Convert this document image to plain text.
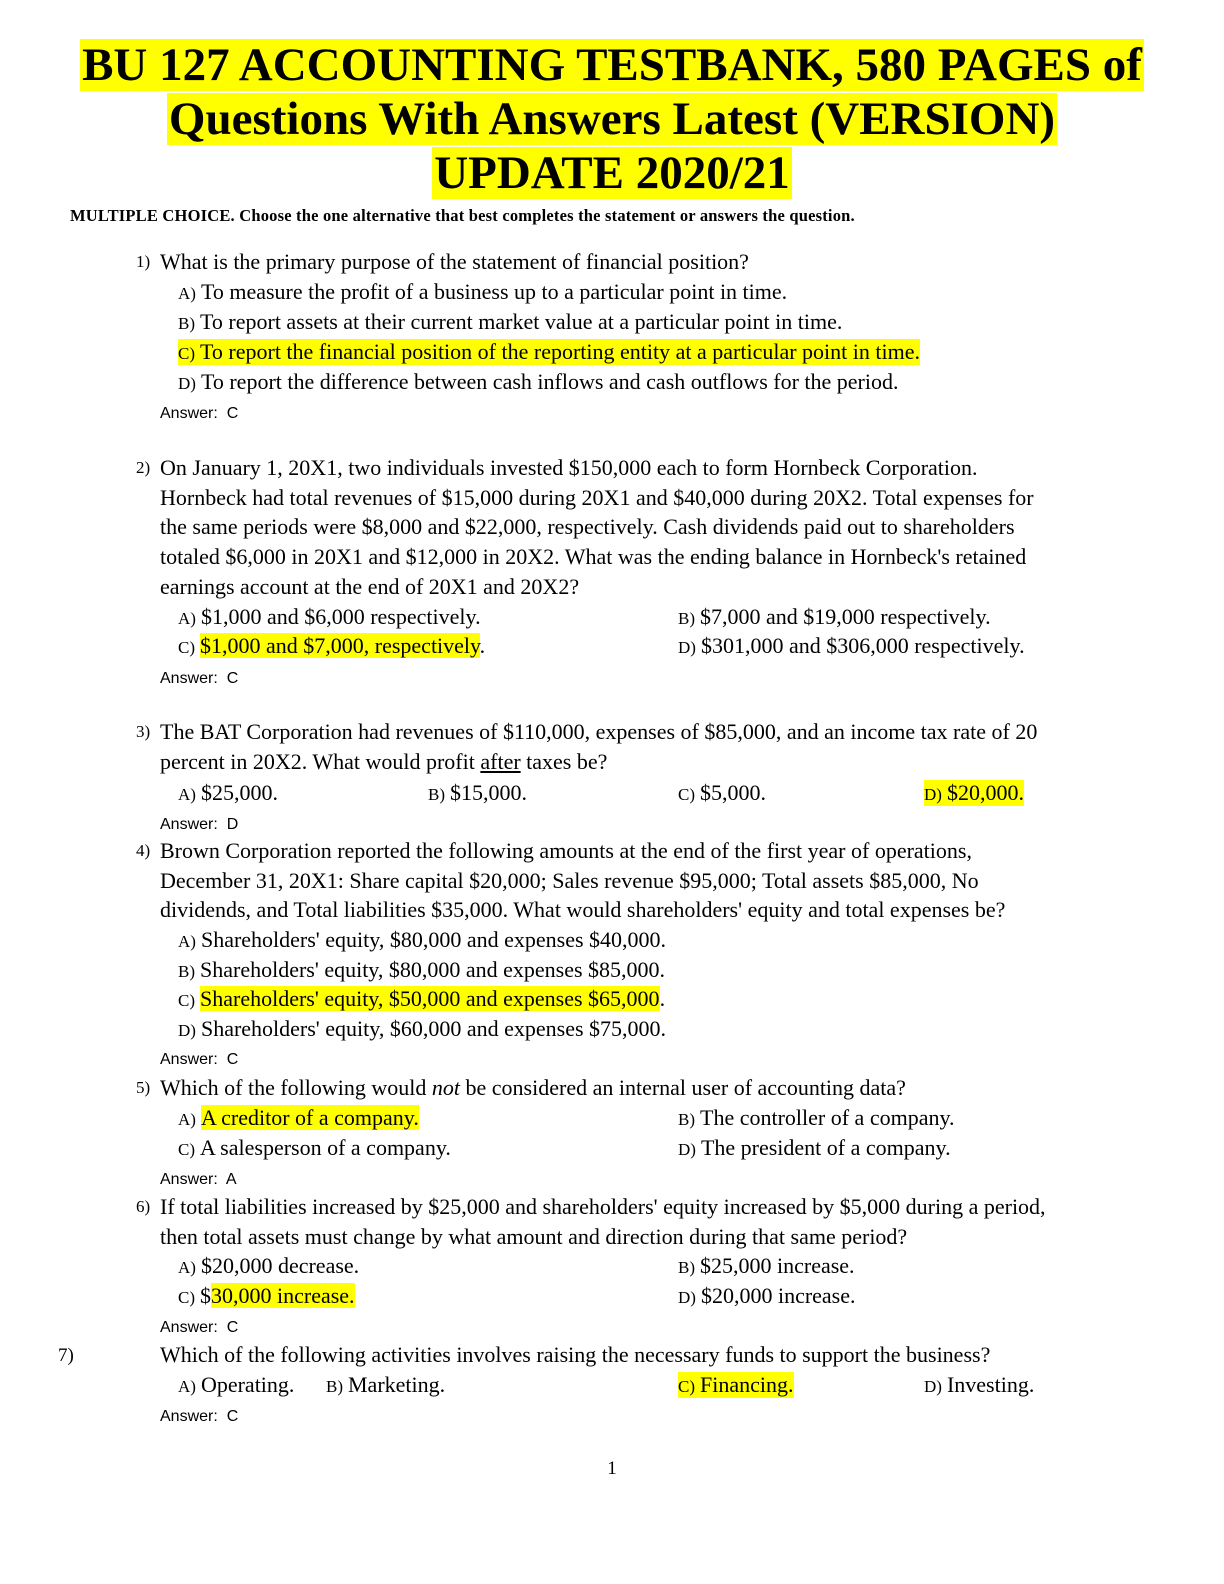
BU 127 ACCOUNTING TESTBANK, 580 PAGES of
Questions With Answers Latest (VERSION)
UPDATE 2020/21
MULTIPLE CHOICE. Choose the one alternative that best completes the statement or answers the question.
1) What is the primary purpose of the statement of financial position?
A) To measure the profit of a business up to a particular point in time.
B) To report assets at their current market value at a particular point in time.
C) To report the financial position of the reporting entity at a particular point in time.
D) To report the difference between cash inflows and cash outflows for the period.
Answer: C
2) On January 1, 20X1, two individuals invested $150,000 each to form Hornbeck Corporation.
Hornbeck had total revenues of $15,000 during 20X1 and $40,000 during 20X2. Total expenses for
the same periods were $8,000 and $22,000, respectively. Cash dividends paid out to shareholders
totaled $6,000 in 20X1 and $12,000 in 20X2. What was the ending balance in Hornbeck's retained
earnings account at the end of 20X1 and 20X2?
A) $1,000 and $6,000 respectively.	B) $7,000 and $19,000 respectively.
C) $1,000 and $7,000, respectively.	D) $301,000 and $306,000 respectively.
Answer: C
3) The BAT Corporation had revenues of $110,000, expenses of $85,000, and an income tax rate of 20
percent in 20X2. What would profit after taxes be?
A) $25,000.	B) $15,000.	C) $5,000.	D) $20,000.
Answer: D
4) Brown Corporation reported the following amounts at the end of the first year of operations,
December 31, 20X1: Share capital $20,000; Sales revenue $95,000; Total assets $85,000, No
dividends, and Total liabilities $35,000. What would shareholders' equity and total expenses be?
A) Shareholders' equity, $80,000 and expenses $40,000.
B) Shareholders' equity, $80,000 and expenses $85,000.
C) Shareholders' equity, $50,000 and expenses $65,000.
D) Shareholders' equity, $60,000 and expenses $75,000.
Answer: C
5) Which of the following would not be considered an internal user of accounting data?
A) A creditor of a company.	B) The controller of a company.
C) A salesperson of a company.	D) The president of a company.
Answer: A
6) If total liabilities increased by $25,000 and shareholders' equity increased by $5,000 during a period,
then total assets must change by what amount and direction during that same period?
A) $20,000 decrease.	B) $25,000 increase.
C) $30,000 increase.	D) $20,000 increase.
Answer: C
7)	Which of the following activities involves raising the necessary funds to support the business?
A) Operating. B) Marketing.	C) Financing.	D) Investing.
Answer: C
1
